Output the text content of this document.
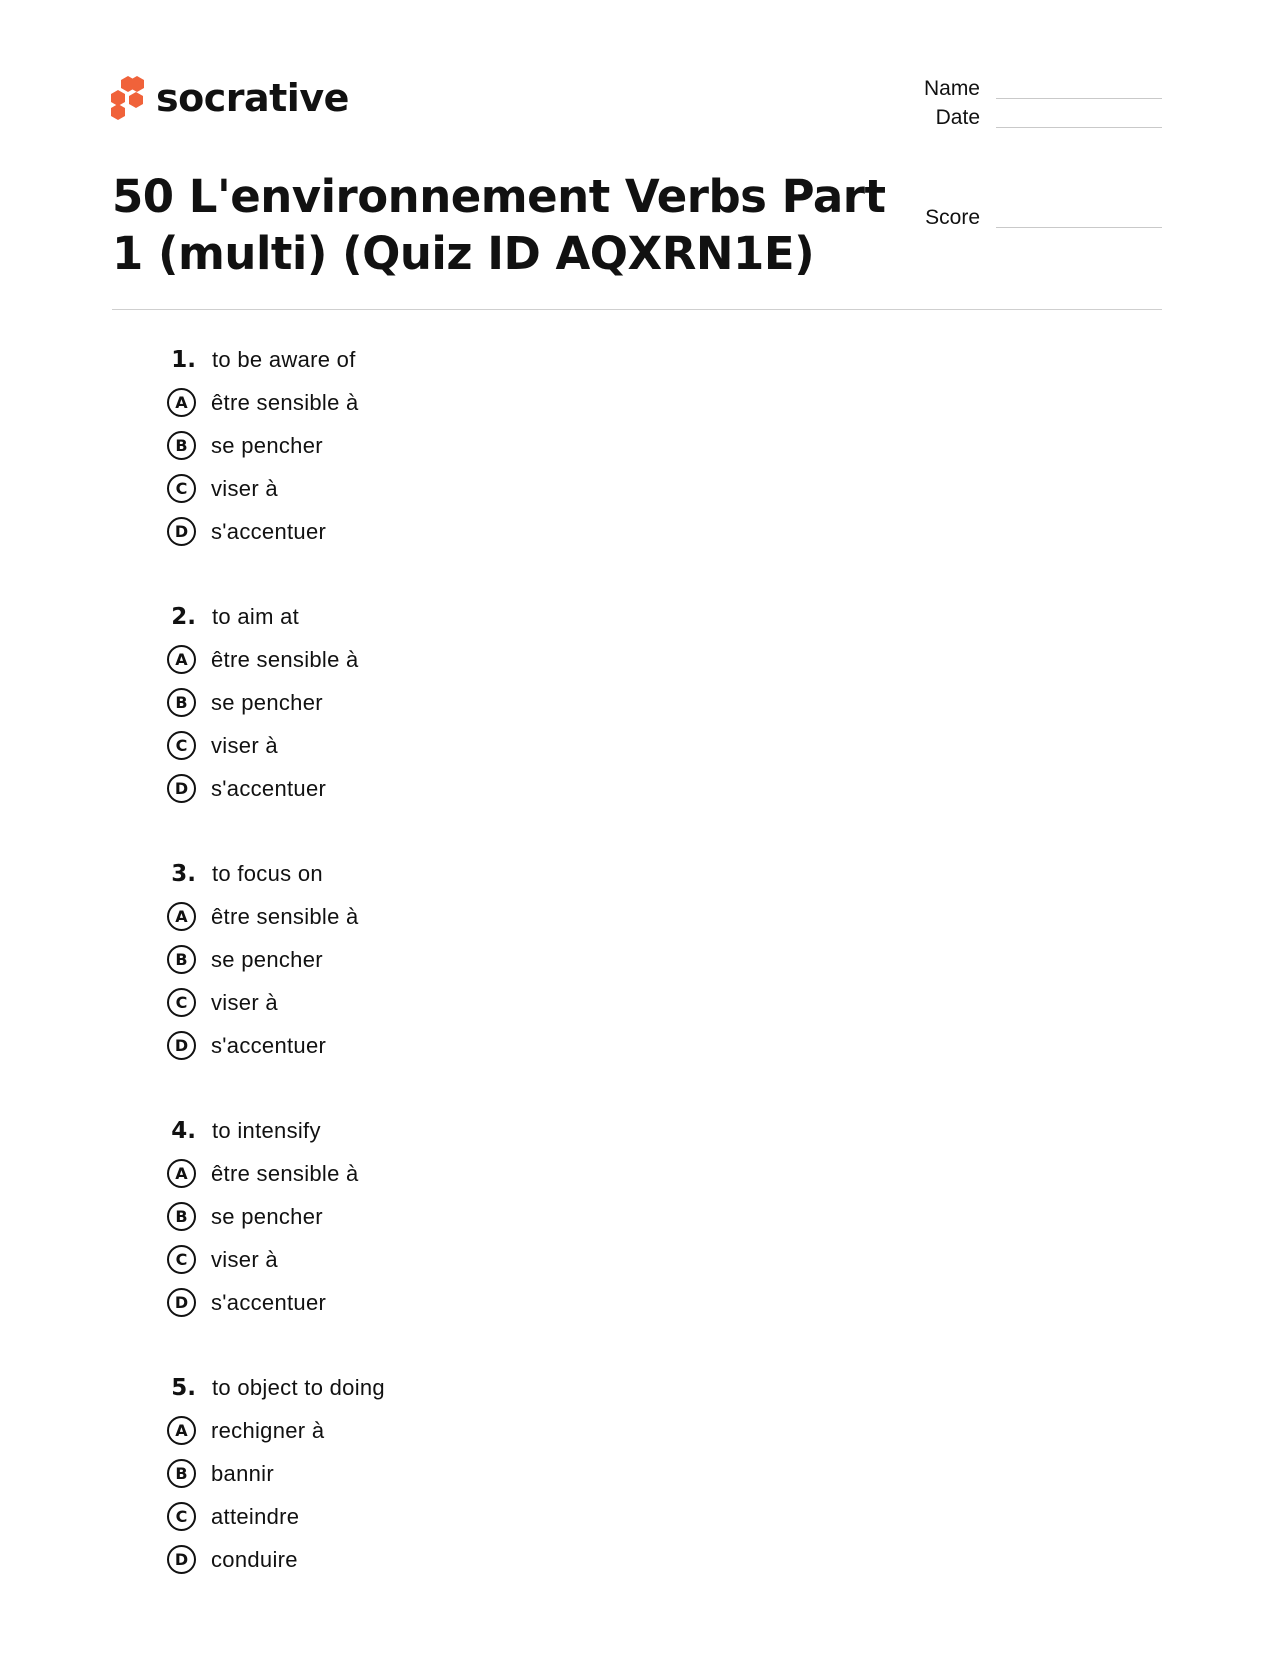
socrative	Name
Date
Score
50 L'environnement Verbs Part 1 (multi) (Quiz ID AQXRN1E)
1. to be aware of
A	être sensible à
B	se pencher
C	viser à
D	s'accentuer
2. to aim at
A	être sensible à
B	se pencher
C	viser à
D	s'accentuer
3. to focus on
A	être sensible à
B	se pencher
C	viser à
D	s'accentuer
4. to intensify
A	être sensible à
B	se pencher
C	viser à
D	s'accentuer
5. to object to doing
A	rechigner à
B	bannir
C	atteindre
D	conduire
